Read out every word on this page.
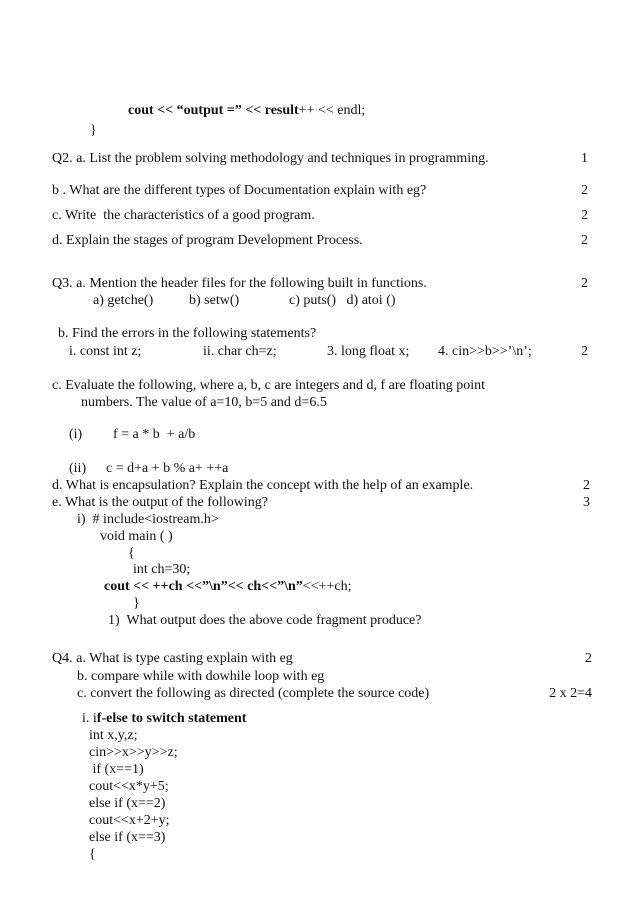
cout << “output =” << result++ << endl;
}
Q2. a. List the problem solving methodology and techniques in programming.	1
b . What are the different types of Documentation explain with eg?	2
c. Write  the characteristics of a good program.	2
d. Explain the stages of program Development Process.	2
Q3. a. Mention the header files for the following built in functions.	2
a) getche()	b) setw()	c) puts()   d) atoi ()
b. Find the errors in the following statements?
i. const int z;	ii. char ch=z;	3. long float x; 4. cin>>b>>’\n’;	2
c. Evaluate the following, where a, b, c are integers and d, f are floating point
numbers. The value of a=10, b=5 and d=6.5
(i) f = a * b  + a/b
(ii) c = d+a + b % a+ ++a
d. What is encapsulation? Explain the concept with the help of an example.	2
e. What is the output of the following?	3
i)  # include<iostream.h>
void main ( )
{
int ch=30;
cout << ++ch <<”\n”<< ch<<”\n”<<++ch;
}
1)  What output does the above code fragment produce?
Q4. a. What is type casting explain with eg	2
b. compare while with dowhile loop with eg
c. convert the following as directed (complete the source code)	2 x 2=4
i. if-else to switch statement
int x,y,z;
cin>>x>>y>>z;
if (x==1)
cout<<x*y+5;
else if (x==2)
cout<<x+2+y;
else if (x==3)
{
